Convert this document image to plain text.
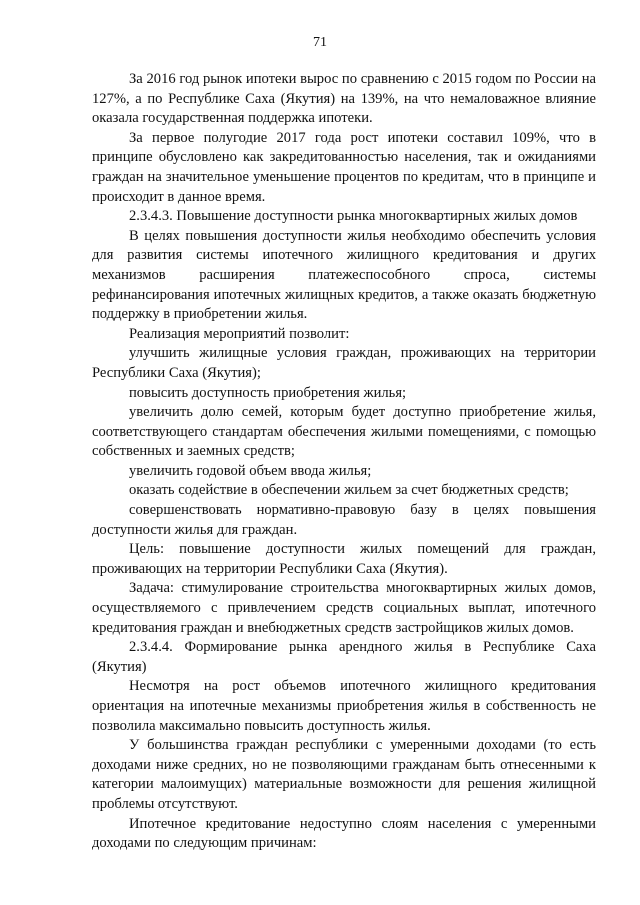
71

За 2016 год рынок ипотеки вырос по сравнению с 2015 годом по России на 127%, а по Республике Саха (Якутия) на 139%, на что немаловажное влияние оказала государственная поддержка ипотеки.

За первое полугодие 2017 года рост ипотеки составил 109%, что в принципе обусловлено как закредитованностью населения, так и ожиданиями граждан на значительное уменьшение процентов по кредитам, что в принципе и происходит в данное время.

2.3.4.3. Повышение доступности рынка многоквартирных жилых домов

В целях повышения доступности жилья необходимо обеспечить условия для развития системы ипотечного жилищного кредитования и других механизмов расширения платежеспособного спроса, системы рефинансирования ипотечных жилищных кредитов, а также оказать бюджетную поддержку в приобретении жилья.

Реализация мероприятий позволит:

улучшить жилищные условия граждан, проживающих на территории Республики Саха (Якутия);

повысить доступность приобретения жилья;

увеличить долю семей, которым будет доступно приобретение жилья, соответствующего стандартам обеспечения жилыми помещениями, с помощью собственных и заемных средств;

увеличить годовой объем ввода жилья;

оказать содействие в обеспечении жильем за счет бюджетных средств;

совершенствовать нормативно-правовую базу в целях повышения доступности жилья для граждан.

Цель: повышение доступности жилых помещений для граждан, проживающих на территории Республики Саха (Якутия).

Задача: стимулирование строительства многоквартирных жилых домов, осуществляемого с привлечением средств социальных выплат, ипотечного кредитования граждан и внебюджетных средств застройщиков жилых домов.

2.3.4.4. Формирование рынка арендного жилья в Республике Саха (Якутия)

Несмотря на рост объемов ипотечного жилищного кредитования ориентация на ипотечные механизмы приобретения жилья в собственность не позволила максимально повысить доступность жилья.

У большинства граждан республики с умеренными доходами (то есть доходами ниже средних, но не позволяющими гражданам быть отнесенными к категории малоимущих) материальные возможности для решения жилищной проблемы отсутствуют.

Ипотечное кредитование недоступно слоям населения с умеренными доходами по следующим причинам:
